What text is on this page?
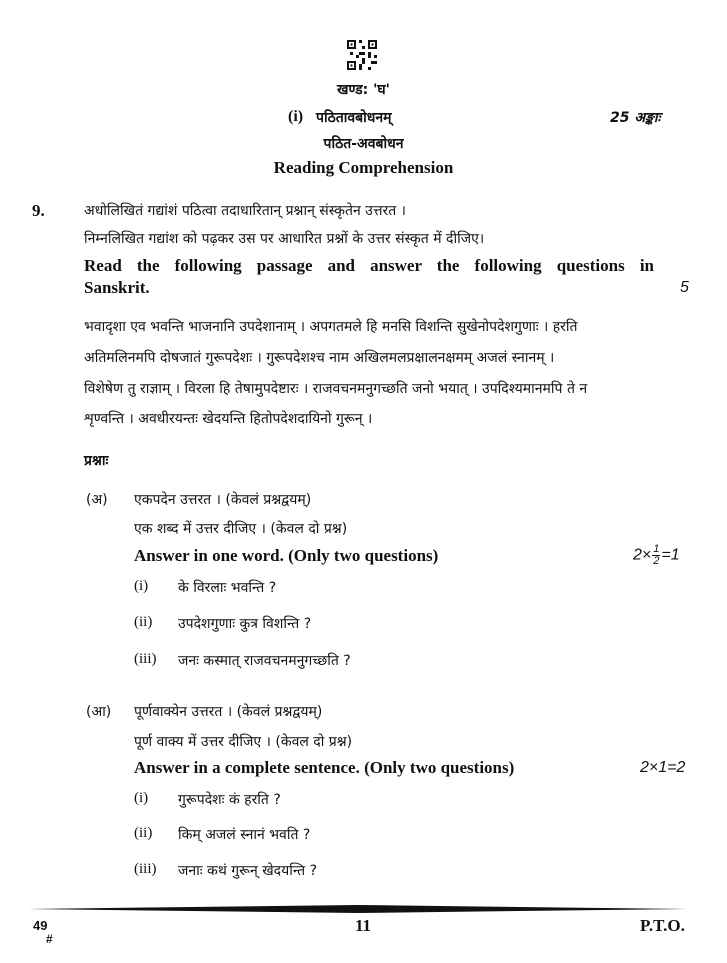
खण्ड: 'घ'
(i) पठितावबोधनम्	25 अङ्काः
पठित-अवबोधन
Reading Comprehension
9.	अधोलिखितं गद्यांशं पठित्वा तदाधारितान् प्रश्नान् संस्कृतेन उत्तरत ।
निम्नलिखित गद्यांश को पढ़कर उस पर आधारित प्रश्नों के उत्तर संस्कृत में दीजिए।
Read the following passage and answer the following questions in
Sanskrit.	5
भवादृशा एव भवन्ति भाजनानि उपदेशानाम् । अपगतमले हि मनसि विशन्ति सुखेनोपदेशगुणाः । हरति
अतिमलिनमपि दोषजातं गुरूपदेशः । गुरूपदेशश्च नाम अखिलमलप्रक्षालनक्षमम् अजलं स्नानम् ।
विशेषेण तु राज्ञाम् । विरला हि तेषामुपदेष्टारः । राजवचनमनुगच्छति जनो भयात् । उपदिश्यमानमपि ते न
शृण्वन्ति । अवधीरयन्तः खेदयन्ति हितोपदेशदायिनो गुरून् ।
प्रश्नाः
(अ) एकपदेन उत्तरत । (केवलं प्रश्नद्वयम्)
एक शब्द में उत्तर दीजिए । (केवल दो प्रश्न)
Answer in one word. (Only two questions)	$2\times \frac{1}{2} =1$
(i) के विरलाः भवन्ति ?
(ii) उपदेशगुणाः कुत्र विशन्ति ?
(iii) जनः कस्मात् राजवचनमनुगच्छति ?
(आ) पूर्णवाक्येन उत्तरत । (केवलं प्रश्नद्वयम्)
पूर्ण वाक्य में उत्तर दीजिए । (केवल दो प्रश्न)
Answer in a complete sentence. (Only two questions)	2×1=2
(i) गुरूपदेशः कं हरति ?
(ii) किम् अजलं स्नानं भवति ?
(iii) जनाः कथं गुरून् खेदयन्ति ?
49
#
11	P.T.O.
